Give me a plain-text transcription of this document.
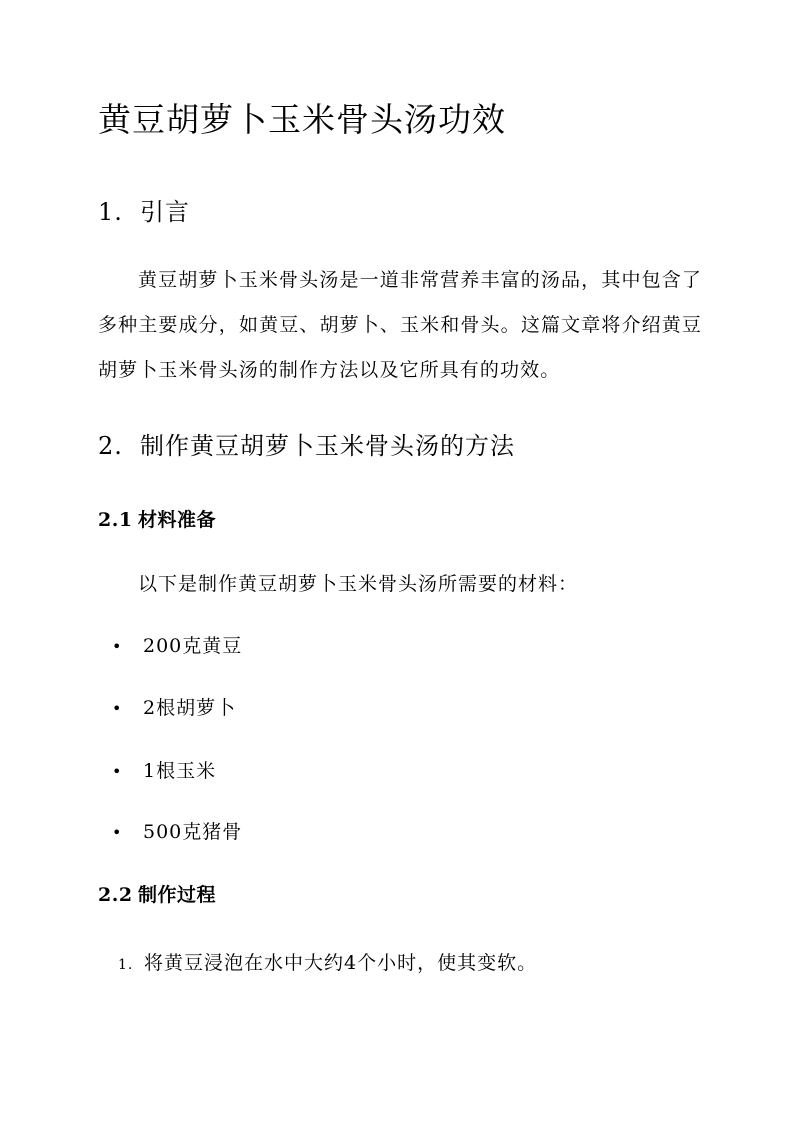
黄豆胡萝卜玉米骨头汤功效
1. 引言

黄豆胡萝卜玉米骨头汤是一道非常营养丰富的汤品，其中包含了多种主要成分，如黄豆、胡萝卜、玉米和骨头。这篇文章将介绍黄豆胡萝卜玉米骨头汤的制作方法以及它所具有的功效。

2. 制作黄豆胡萝卜玉米骨头汤的方法
2.1 材料准备

以下是制作黄豆胡萝卜玉米骨头汤所需要的材料：

• 200克黄豆
• 2根胡萝卜
• 1根玉米
• 500克猪骨
2.2 制作过程
1. 将黄豆浸泡在水中大约4个小时，使其变软。
